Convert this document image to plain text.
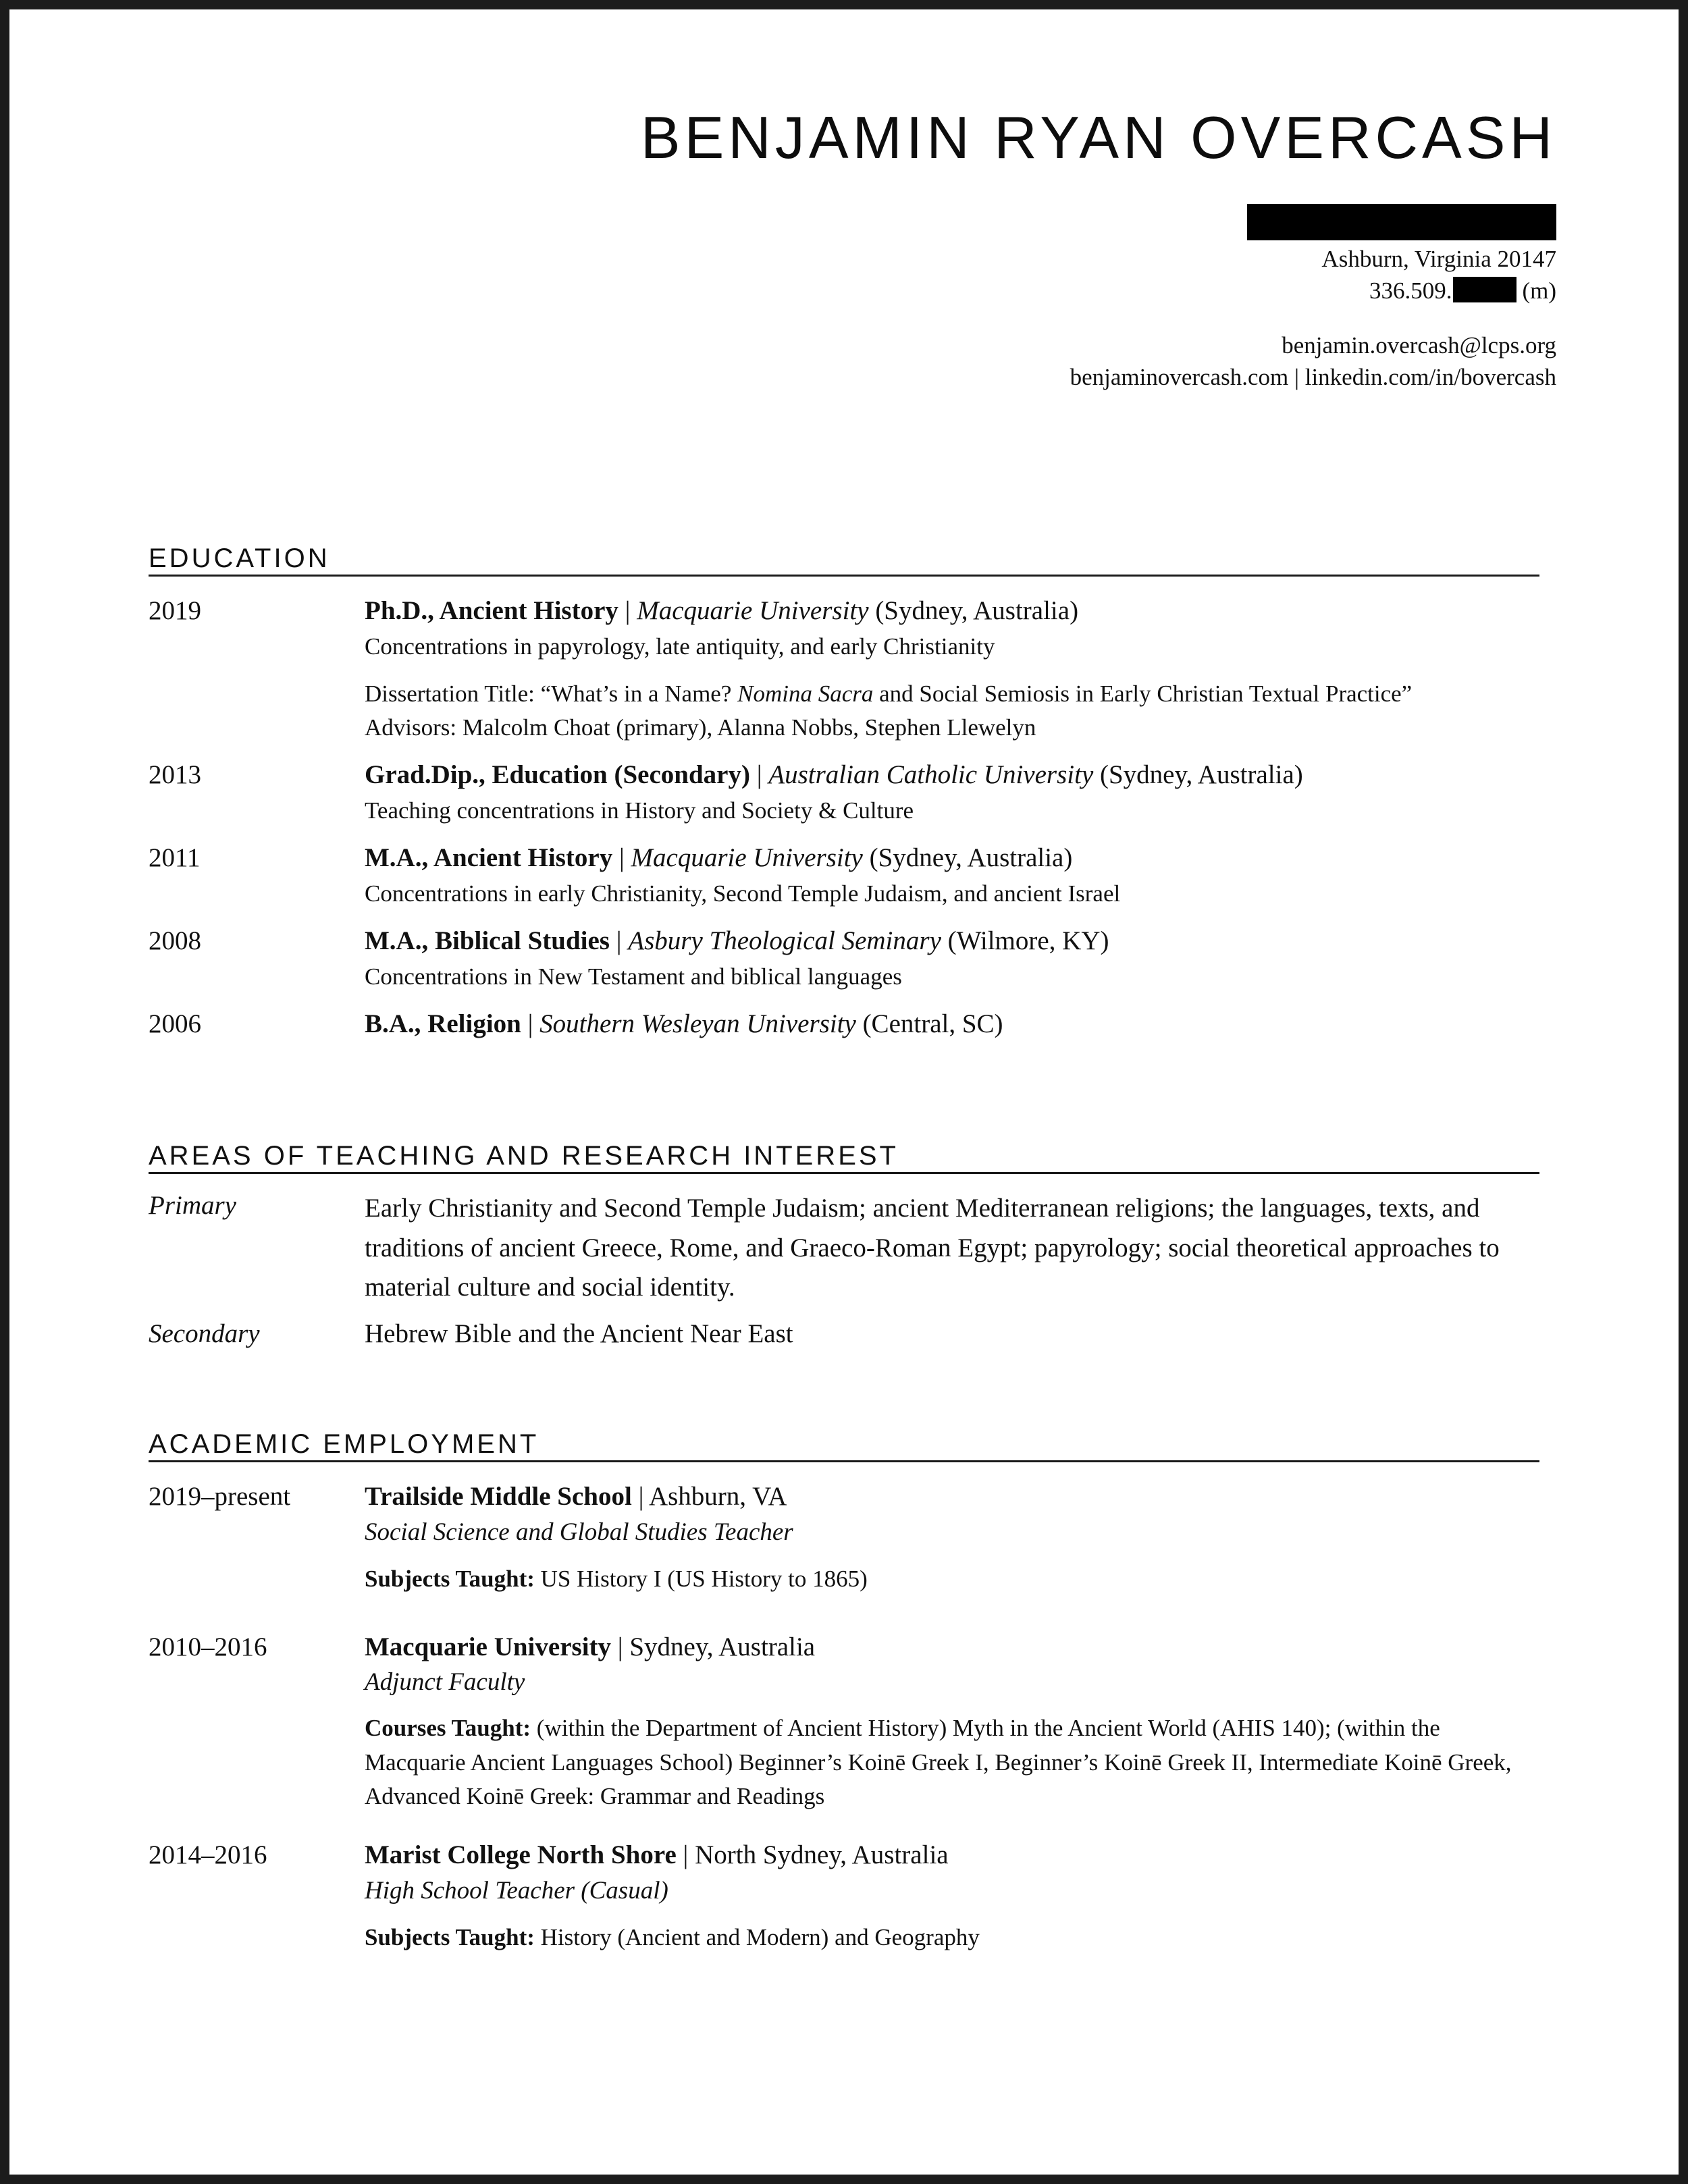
BENJAMIN RYAN OVERCASH
Ashburn, Virginia 20147
336.509.	(m)
benjamin.overcash@lcps.org
benjaminovercash.com | linkedin.com/in/bovercash
EDUCATION
2019	Ph.D., Ancient History | Macquarie University (Sydney, Australia)
Concentrations in papyrology, late antiquity, and early Christianity
Dissertation Title: “What’s in a Name? Nomina Sacra and Social Semiosis in Early Christian Textual Practice”
Advisors: Malcolm Choat (primary), Alanna Nobbs, Stephen Llewelyn
2013	Grad.Dip., Education (Secondary) | Australian Catholic University (Sydney, Australia)
Teaching concentrations in History and Society & Culture
2011	M.A., Ancient History | Macquarie University (Sydney, Australia)
Concentrations in early Christianity, Second Temple Judaism, and ancient Israel
2008	M.A., Biblical Studies | Asbury Theological Seminary (Wilmore, KY)
Concentrations in New Testament and biblical languages
2006	B.A., Religion | Southern Wesleyan University (Central, SC)
AREAS OF TEACHING AND RESEARCH INTEREST
Primary	Early Christianity and Second Temple Judaism; ancient Mediterranean religions; the languages, texts, and traditions of ancient Greece, Rome, and Graeco-Roman Egypt; papyrology; social theoretical approaches to material culture and social identity.
Secondary	Hebrew Bible and the Ancient Near East
ACADEMIC EMPLOYMENT
2019–present	Trailside Middle School | Ashburn, VA
Social Science and Global Studies Teacher
Subjects Taught: US History I (US History to 1865)
2010–2016	Macquarie University | Sydney, Australia
Adjunct Faculty
Courses Taught: (within the Department of Ancient History) Myth in the Ancient World (AHIS 140); (within the Macquarie Ancient Languages School) Beginner’s Koinē Greek I, Beginner’s Koinē Greek II, Intermediate Koinē Greek, Advanced Koinē Greek: Grammar and Readings
2014–2016	Marist College North Shore | North Sydney, Australia
High School Teacher (Casual)
Subjects Taught: History (Ancient and Modern) and Geography
